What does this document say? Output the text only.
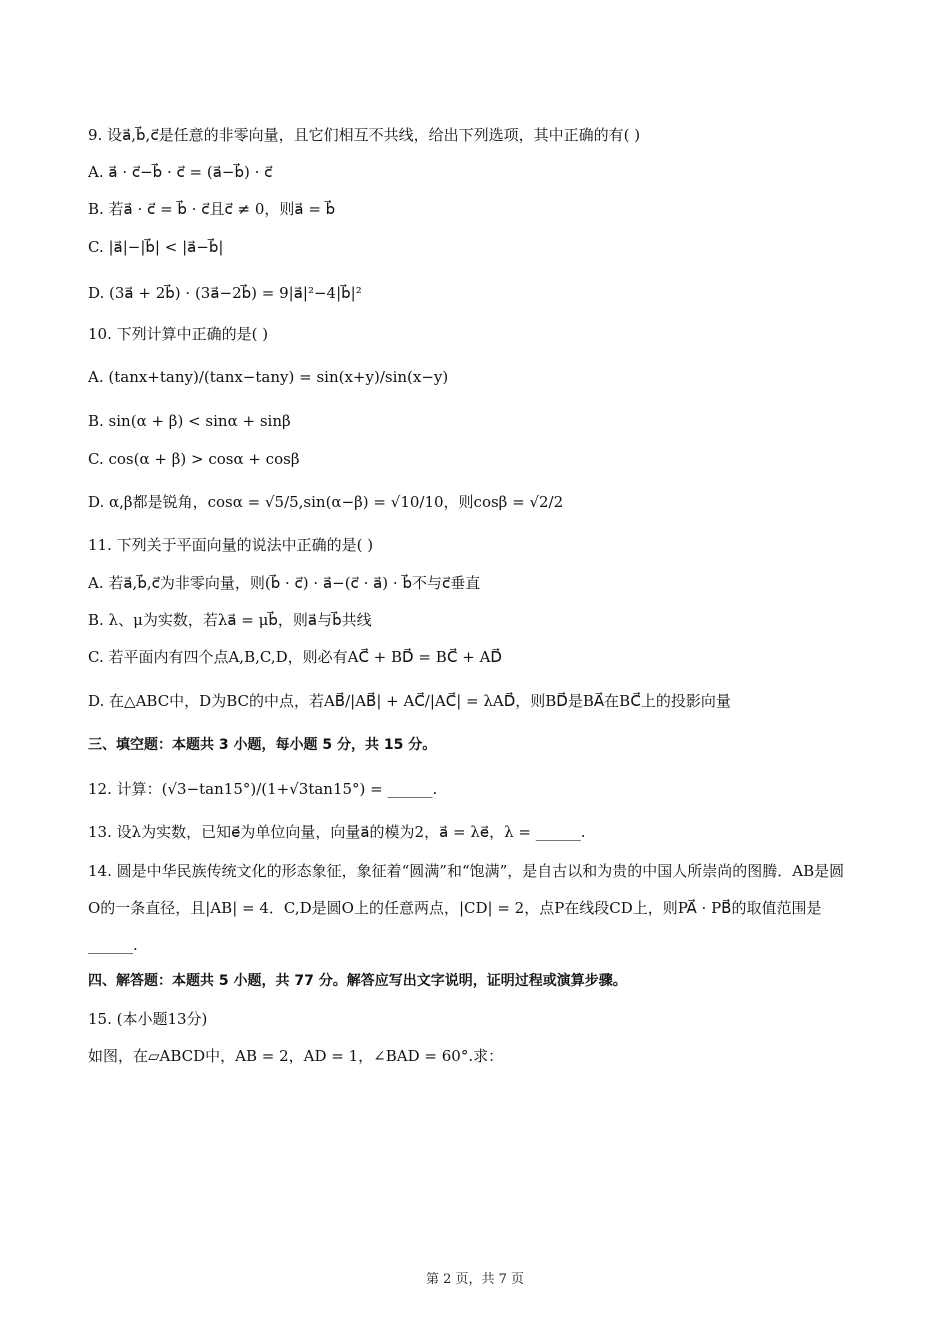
9. 设a⃗,b⃗,c⃗是任意的非零向量，且它们相互不共线，给出下列选项，其中正确的有( )
A. a⃗ · c⃗−b⃗ · c⃗ = (a⃗−b⃗) · c⃗
B. 若a⃗ · c⃗ = b⃗ · c⃗且c⃗ ≠ 0，则a⃗ = b⃗
C. |a⃗|−|b⃗| < |a⃗−b⃗|
D. (3a⃗ + 2b⃗) · (3a⃗−2b⃗) = 9|a⃗|²−4|b⃗|²
10. 下列计算中正确的是( )
A. (tanx+tany)/(tanx−tany) = sin(x+y)/sin(x−y)
B. sin(α + β) < sinα + sinβ
C. cos(α + β) > cosα + cosβ
D. α,β都是锐角，cosα = √5/5,sin(α−β) = √10/10，则cosβ = √2/2
11. 下列关于平面向量的说法中正确的是( )
A. 若a⃗,b⃗,c⃗为非零向量，则(b⃗ · c⃗) · a⃗−(c⃗ · a⃗) · b⃗不与c⃗垂直
B. λ、μ为实数，若λa⃗ = μb⃗，则a⃗与b⃗共线
C. 若平面内有四个点A,B,C,D，则必有AC⃗ + BD⃗ = BC⃗ + AD⃗
D. 在△ABC中，D为BC的中点，若AB⃗/|AB⃗| + AC⃗/|AC⃗| = λAD⃗，则BD⃗是BA⃗在BC⃗上的投影向量
三、填空题：本题共 3 小题，每小题 5 分，共 15 分。
12. 计算：(√3−tan15°)/(1+√3tan15°) = ______.
13. 设λ为实数，已知e⃗为单位向量，向量a⃗的模为2，a⃗ = λe⃗，λ = ______.
14. 圆是中华民族传统文化的形态象征，象征着“圆满”和“饱满”，是自古以和为贵的中国人所崇尚的图腾．AB是圆O的一条直径，且|AB| = 4．C,D是圆O上的任意两点，|CD| = 2，点P在线段CD上，则PA⃗ · PB⃗的取值范围是______.
四、解答题：本题共 5 小题，共 77 分。解答应写出文字说明，证明过程或演算步骤。
15. (本小题13分)
如图，在▱ABCD中，AB = 2，AD = 1，∠BAD = 60°.求：
第 2 页，共 7 页
